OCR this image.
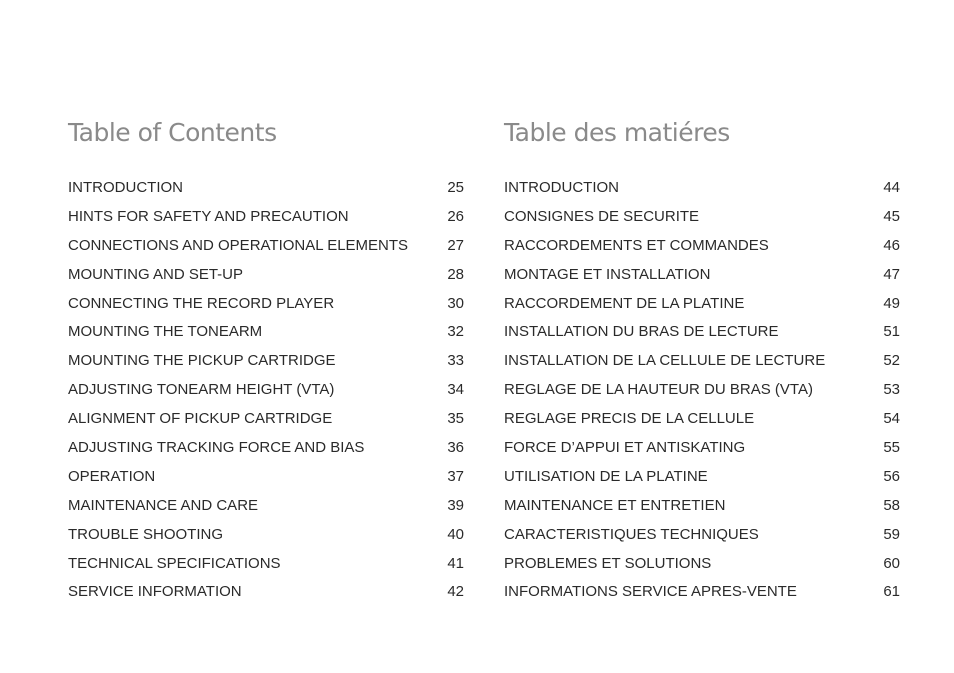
Table of Contents
INTRODUCTION	25
HINTS FOR SAFETY AND PRECAUTION	26
CONNECTIONS AND OPERATIONAL ELEMENTS	27
MOUNTING AND SET-UP	28
CONNECTING THE RECORD PLAYER	30
MOUNTING THE TONEARM	32
MOUNTING THE PICKUP CARTRIDGE	33
ADJUSTING TONEARM HEIGHT (VTA)	34
ALIGNMENT OF PICKUP CARTRIDGE	35
ADJUSTING TRACKING FORCE AND BIAS	36
OPERATION	37
MAINTENANCE AND CARE	39
TROUBLE SHOOTING	40
TECHNICAL SPECIFICATIONS	41
SERVICE INFORMATION	42
Table des matiéres
INTRODUCTION	44
CONSIGNES DE SECURITE	45
RACCORDEMENTS ET COMMANDES	46
MONTAGE ET INSTALLATION	47
RACCORDEMENT DE LA PLATINE	49
INSTALLATION DU BRAS DE LECTURE	51
INSTALLATION DE LA CELLULE DE LECTURE	52
REGLAGE DE LA HAUTEUR DU BRAS (VTA)	53
REGLAGE PRECIS DE LA CELLULE	54
FORCE D’APPUI ET ANTISKATING	55
UTILISATION DE LA PLATINE	56
MAINTENANCE ET ENTRETIEN	58
CARACTERISTIQUES TECHNIQUES	59
PROBLEMES ET SOLUTIONS	60
INFORMATIONS SERVICE APRES-VENTE	61
